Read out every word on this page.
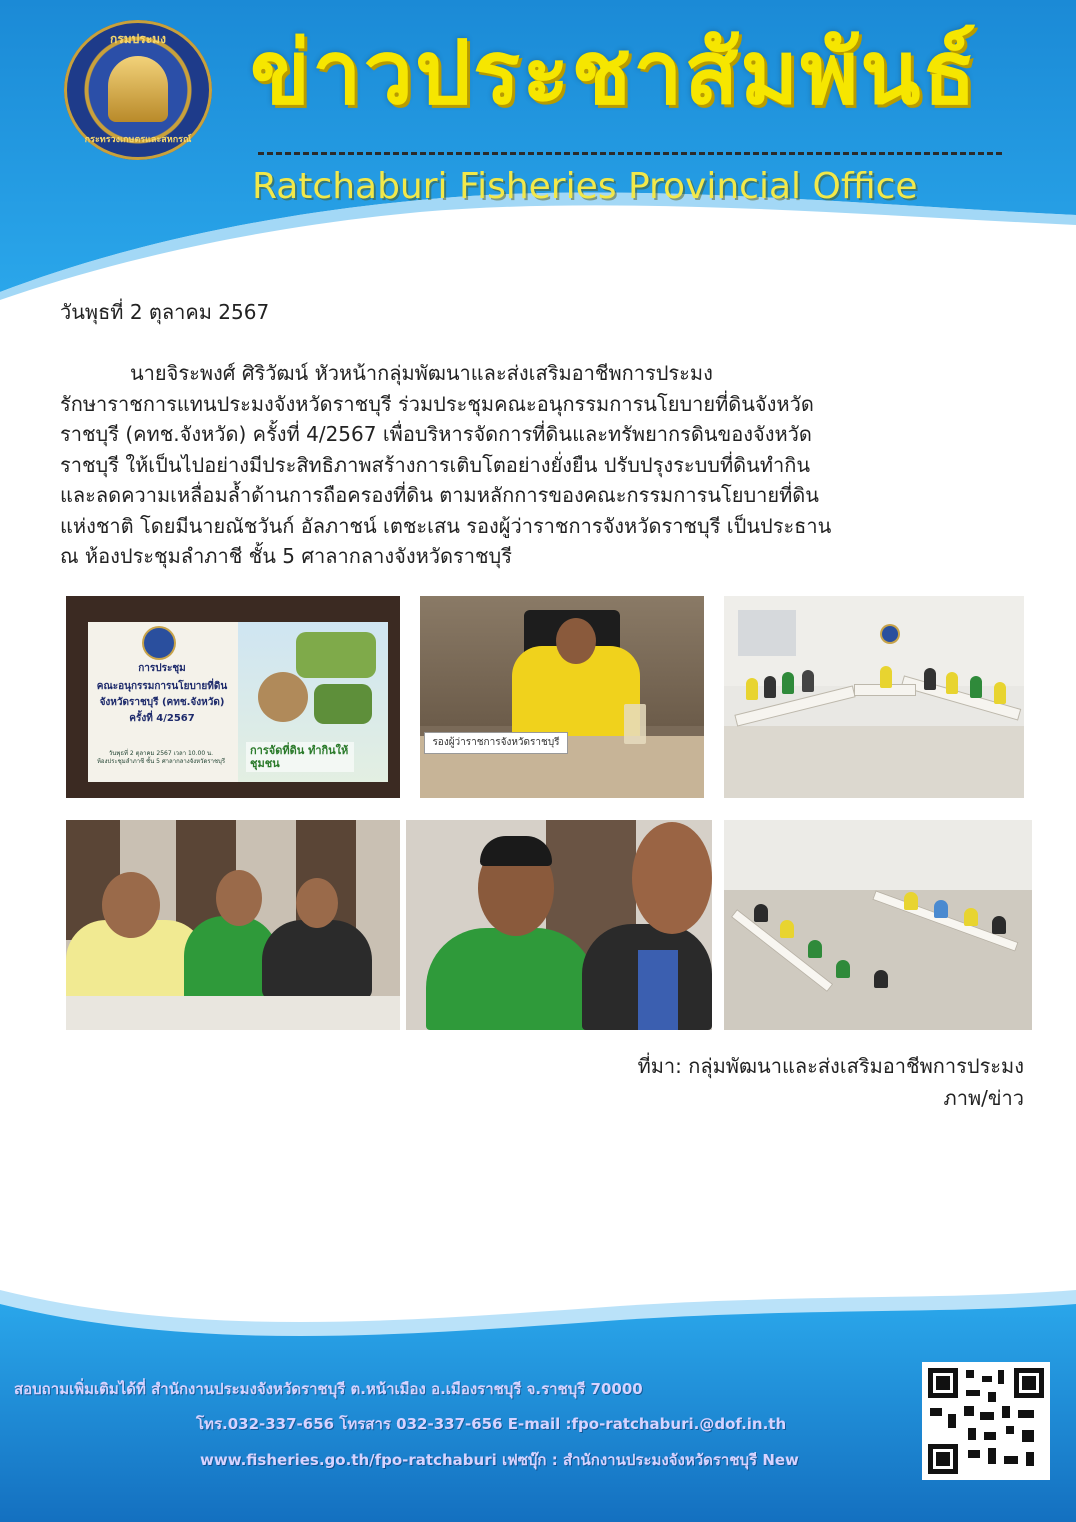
กรมประมง
กระทรวงเกษตรและสหกรณ์
ข่าวประชาสัมพันธ์
Ratchaburi Fisheries Provincial Office
วันพุธที่ 2 ตุลาคม 2567
นายจิระพงศ์ ศิริวัฒน์ หัวหน้ากลุ่มพัฒนาและส่งเสริมอาชีพการประมง
รักษาราชการแทนประมงจังหวัดราชบุรี ร่วมประชุมคณะอนุกรรมการนโยบายที่ดินจังหวัด
ราชบุรี (คทช.จังหวัด) ครั้งที่ 4/2567 เพื่อบริหารจัดการที่ดินและทรัพยากรดินของจังหวัด
ราชบุรี ให้เป็นไปอย่างมีประสิทธิภาพสร้างการเติบโตอย่างยั่งยืน ปรับปรุงระบบที่ดินทำกิน
และลดความเหลื่อมล้ำด้านการถือครองที่ดิน ตามหลักการของคณะกรรมการนโยบายที่ดิน
แห่งชาติ โดยมีนายณัชวันก์ อัลภาชน์ เตชะเสน รองผู้ว่าราชการจังหวัดราชบุรี เป็นประธาน
ณ ห้องประชุมลำภาชี ชั้น 5 ศาลากลางจังหวัดราชบุรี
การประชุม
คณะอนุกรรมการนโยบายที่ดิน
จังหวัดราชบุรี (คทช.จังหวัด)
ครั้งที่ 4/2567
วันพุธที่ 2 ตุลาคม 2567 เวลา 10.00 น.
ห้องประชุมลำภาชี ชั้น 5 ศาลากลางจังหวัดราชบุรี
การจัดที่ดิน ทำกินให้ชุมชน
รองผู้ว่าราชการจังหวัดราชบุรี
ที่มา: กลุ่มพัฒนาและส่งเสริมอาชีพการประมง
ภาพ/ข่าว
สอบถามเพิ่มเติมได้ที่ สำนักงานประมงจังหวัดราชบุรี ต.หน้าเมือง อ.เมืองราชบุรี จ.ราชบุรี 70000
โทร.032-337-656 โทรสาร 032-337-656 E-mail :fpo-ratchaburi.@dof.in.th
www.fisheries.go.th/fpo-ratchaburi เฟซบุ๊ก : สำนักงานประมงจังหวัดราชบุรี New
